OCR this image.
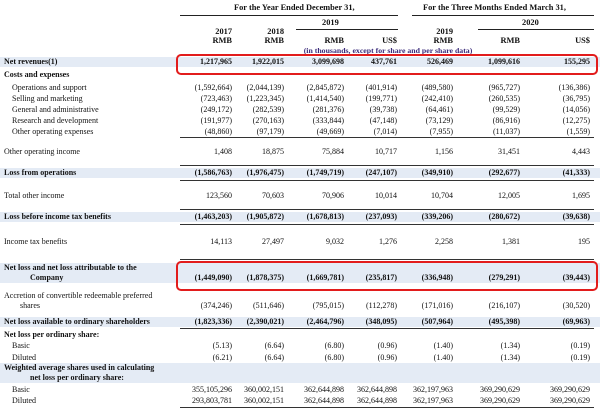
For the Year Ended December 31,	For the Three Months Ended March 31,
2019	2020
2017	2018	2019
RMB	RMB	RMB	US$	RMB	RMB	US$
(in thousands, except for share and per share data)
Net revenues(1)	1,217,965	1,922,015	3,099,698	437,761	526,469	1,099,616	155,295
Costs and expenses
Operations and support	(1,592,664)	(2,044,139)	(2,845,872)	(401,914)	(489,580)	(965,727)	(136,386)
Selling and marketing	(723,463)	(1,223,345)	(1,414,540)	(199,771)	(242,410)	(260,535)	(36,795)
General and administrative	(249,172)	(282,539)	(281,376)	(39,738)	(64,461)	(99,529)	(14,056)
Research and development	(191,977)	(270,163)	(333,844)	(47,148)	(73,129)	(86,916)	(12,275)
Other operating expenses	(48,860)	(97,179)	(49,669)	(7,014)	(7,955)	(11,037)	(1,559)
Other operating income	1,408	18,875	75,884	10,717	1,156	31,451	4,443
Loss from operations	(1,586,763)	(1,976,475)	(1,749,719)	(247,107)	(349,910)	(292,677)	(41,333)
Total other income	123,560	70,603	70,906	10,014	10,704	12,005	1,695
Loss before income tax benefits	(1,463,203)	(1,905,872)	(1,678,813)	(237,093)	(339,206)	(280,672)	(39,638)
Income tax benefits	14,113	27,497	9,032	1,276	2,258	1,381	195
Net loss and net loss attributable to the
Company	(1,449,090)	(1,878,375)	(1,669,781)	(235,817)	(336,948)	(279,291)	(39,443)
Accretion of convertible redeemable preferred
shares	(374,246)	(511,646)	(795,015)	(112,278)	(171,016)	(216,107)	(30,520)
Net loss available to ordinary shareholders	(1,823,336)	(2,390,021)	(2,464,796)	(348,095)	(507,964)	(495,398)	(69,963)
Net loss per ordinary share:
Basic	(5.13)	(6.64)	(6.80)	(0.96)	(1.40)	(1.34)	(0.19)
Diluted	(6.21)	(6.64)	(6.80)	(0.96)	(1.40)	(1.34)	(0.19)
Weighted average shares used in calculating
net loss per ordinary share:
Basic	355,105,296	360,002,151	362,644,898	362,644,898	362,197,963	369,290,629	369,290,629
Diluted	293,803,781	360,002,151	362,644,898	362,644,898	362,197,963	369,290,629	369,290,629
